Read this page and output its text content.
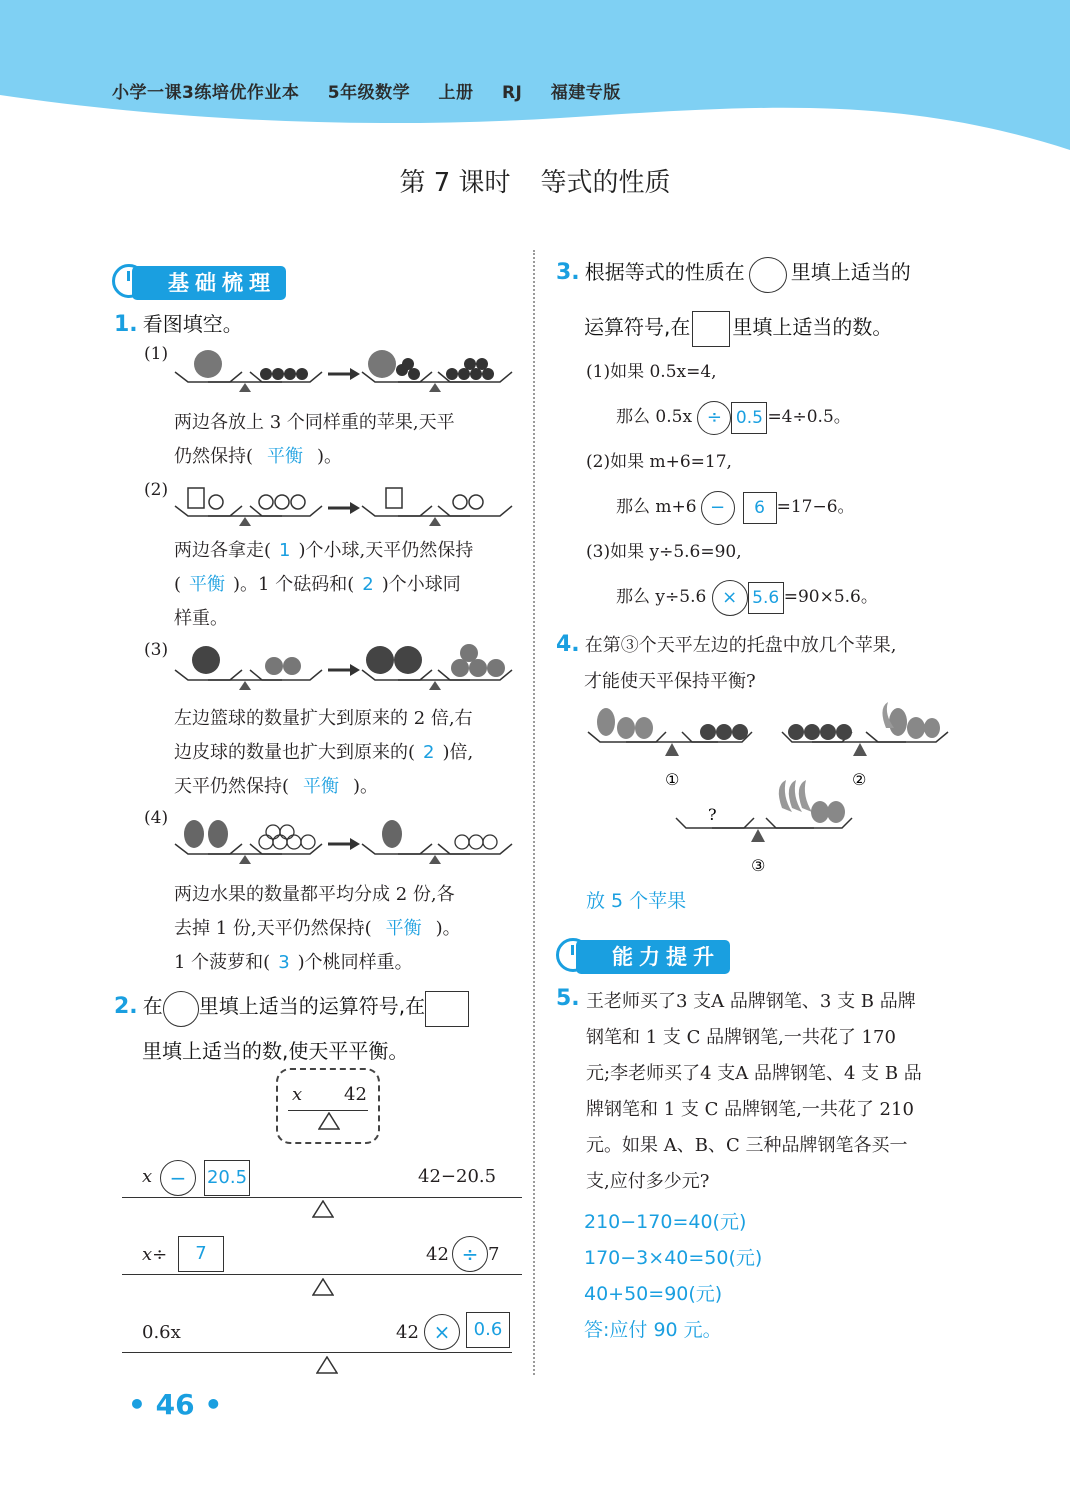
小学一课3练培优作业本 5年级数学 上册 RJ 福建专版
第 7 课时 等式的性质
基础梳理
1. 看图填空。
(1)
两边各放上 3 个同样重的苹果,天平
仍然保持( 平衡 )。
(2)
两边各拿走( 1 )个小球,天平仍然保持
( 平衡 )。1 个砝码和( 2 )个小球同
样重。
(3)
左边篮球的数量扩大到原来的 2 倍,右
边皮球的数量也扩大到原来的( 2 )倍,
天平仍然保持( 平衡 )。
(4)
两边水果的数量都平均分成 2 份,各
去掉 1 份,天平仍然保持( 平衡 )。
1 个菠萝和( 3 )个桃同样重。
2. 在 里填上适当的运算符号,在
里填上适当的数,使天平平衡。
x 42
x −	20.5	42−20.5
x÷	7	42 ÷ 7
0.6x	42 ×	0.6
3. 根据等式的性质在 里填上适当的
运算符号,在 里填上适当的数。
(1)如果 0.5x=4,
那么 0.5x ÷ 0.5 =4÷0.5。
(2)如果 m+6=17,
那么 m+6 − 6 =17−6。
(3)如果 y÷5.6=90,
那么 y÷5.6 × 5.6 =90×5.6。
4. 在第③个天平左边的托盘中放几个苹果,
才能使天平保持平衡?
①	②
③
?
放 5 个苹果
能力提升
5. 王老师买了3 支A 品牌钢笔、3 支 B 品牌
钢笔和 1 支 C 品牌钢笔,一共花了 170
元;李老师买了4 支A 品牌钢笔、4 支 B 品
牌钢笔和 1 支 C 品牌钢笔,一共花了 210
元。如果 A、B、C 三种品牌钢笔各买一
支,应付多少元?
210−170=40(元)
170−3×40=50(元)
40+50=90(元)
答:应付 90 元。
• 46 •
